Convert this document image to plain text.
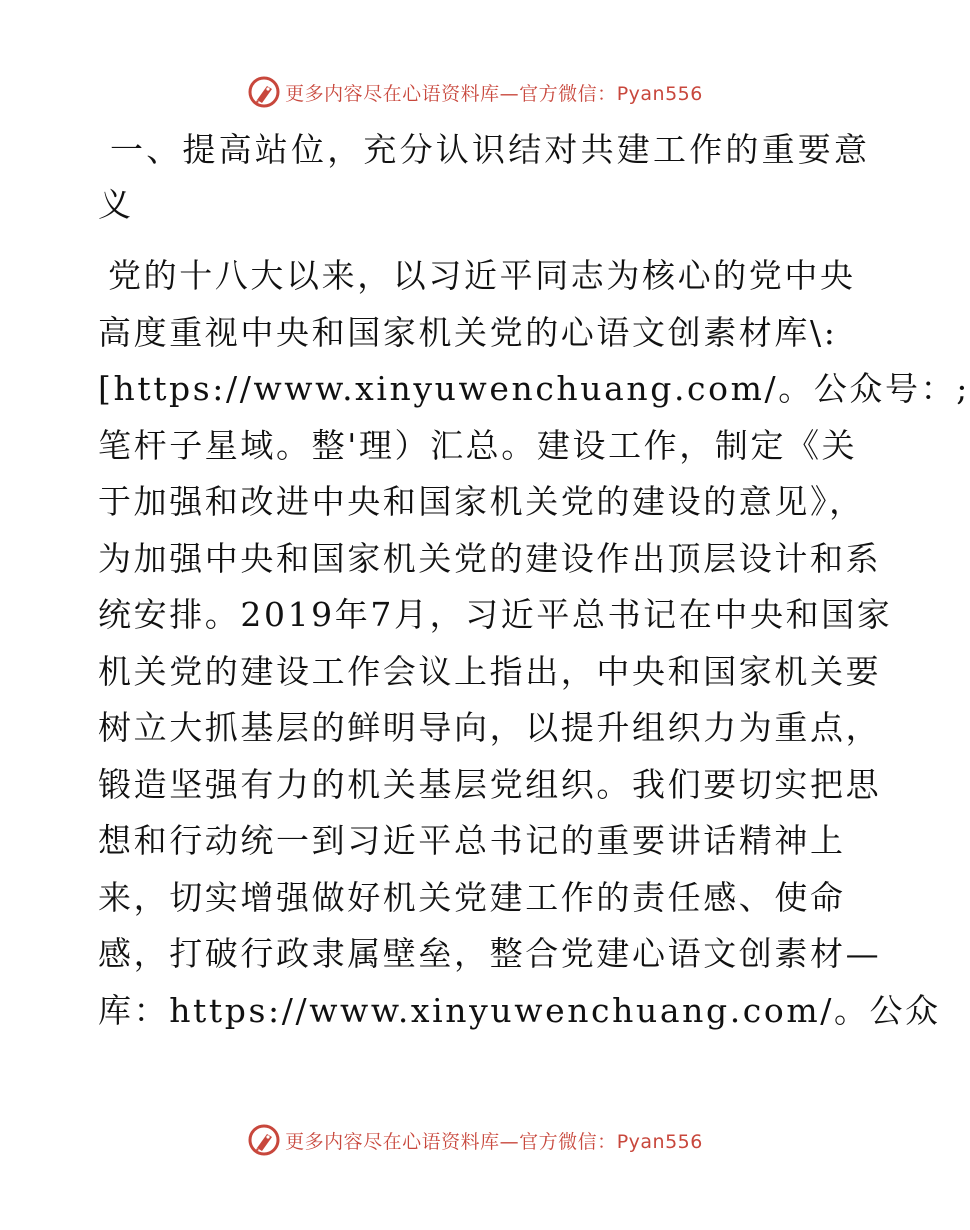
更多内容尽在心语资料库—官方微信：Pyan556
一、提高站位，充分认识结对共建工作的重要意
义
党的十八大以来，以习近平同志为核心的党中央
高度重视中央和国家机关党的心语文创素材库\:
[https://www.xinyuwenchuang.com/。公众号：;
笔杆子星域。整'理）汇总。建设工作，制定《关
于加强和改进中央和国家机关党的建设的意见》，
为加强中央和国家机关党的建设作出顶层设计和系
统安排。2019年7月，习近平总书记在中央和国家
机关党的建设工作会议上指出，中央和国家机关要
树立大抓基层的鲜明导向，以提升组织力为重点，
锻造坚强有力的机关基层党组织。我们要切实把思
想和行动统一到习近平总书记的重要讲话精神上
来，切实增强做好机关党建工作的责任感、使命
感，打破行政隶属壁垒，整合党建心语文创素材—
库：https://www.xinyuwenchuang.com/。公众
更多内容尽在心语资料库—官方微信：Pyan556
